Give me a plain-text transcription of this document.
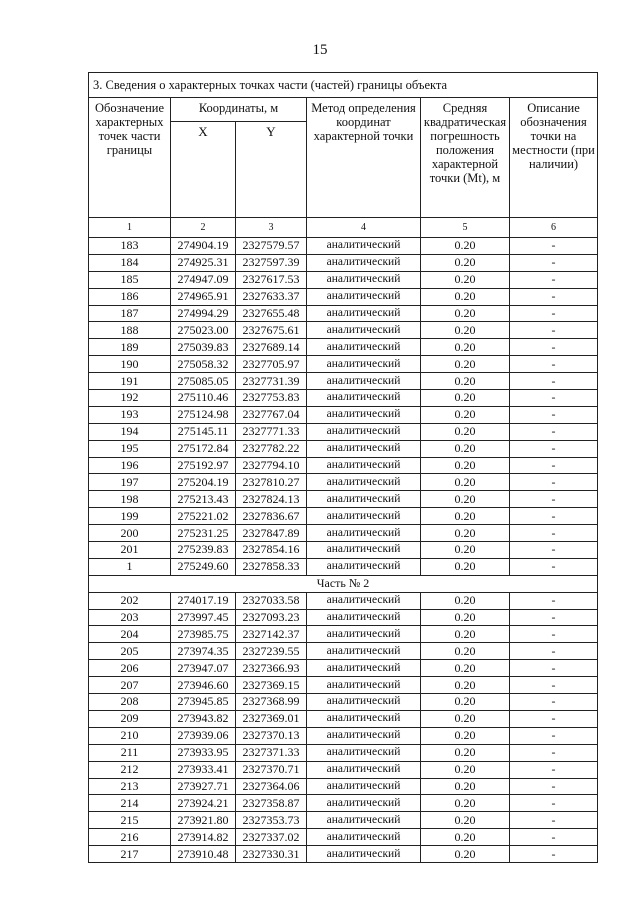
15
3. Сведения о характерных точках части (частей) границы объекта					
Обозначение характерных точек части границы	Координаты, м		Метод определения координат характерной точки	Средняя квадратическая погрешность положения характерной точки (Mt), м	Описание обозначения точки на местности (при наличии)
	X	Y			
1	2	3	4	5	6
183	274904.19	2327579.57	аналитический	0.20	-
184	274925.31	2327597.39	аналитический	0.20	-
185	274947.09	2327617.53	аналитический	0.20	-
186	274965.91	2327633.37	аналитический	0.20	-
187	274994.29	2327655.48	аналитический	0.20	-
188	275023.00	2327675.61	аналитический	0.20	-
189	275039.83	2327689.14	аналитический	0.20	-
190	275058.32	2327705.97	аналитический	0.20	-
191	275085.05	2327731.39	аналитический	0.20	-
192	275110.46	2327753.83	аналитический	0.20	-
193	275124.98	2327767.04	аналитический	0.20	-
194	275145.11	2327771.33	аналитический	0.20	-
195	275172.84	2327782.22	аналитический	0.20	-
196	275192.97	2327794.10	аналитический	0.20	-
197	275204.19	2327810.27	аналитический	0.20	-
198	275213.43	2327824.13	аналитический	0.20	-
199	275221.02	2327836.67	аналитический	0.20	-
200	275231.25	2327847.89	аналитический	0.20	-
201	275239.83	2327854.16	аналитический	0.20	-
1	275249.60	2327858.33	аналитический	0.20	-
Часть № 2					
202	274017.19	2327033.58	аналитический	0.20	-
203	273997.45	2327093.23	аналитический	0.20	-
204	273985.75	2327142.37	аналитический	0.20	-
205	273974.35	2327239.55	аналитический	0.20	-
206	273947.07	2327366.93	аналитический	0.20	-
207	273946.60	2327369.15	аналитический	0.20	-
208	273945.85	2327368.99	аналитический	0.20	-
209	273943.82	2327369.01	аналитический	0.20	-
210	273939.06	2327370.13	аналитический	0.20	-
211	273933.95	2327371.33	аналитический	0.20	-
212	273933.41	2327370.71	аналитический	0.20	-
213	273927.71	2327364.06	аналитический	0.20	-
214	273924.21	2327358.87	аналитический	0.20	-
215	273921.80	2327353.73	аналитический	0.20	-
216	273914.82	2327337.02	аналитический	0.20	-
217	273910.48	2327330.31	аналитический	0.20	-
